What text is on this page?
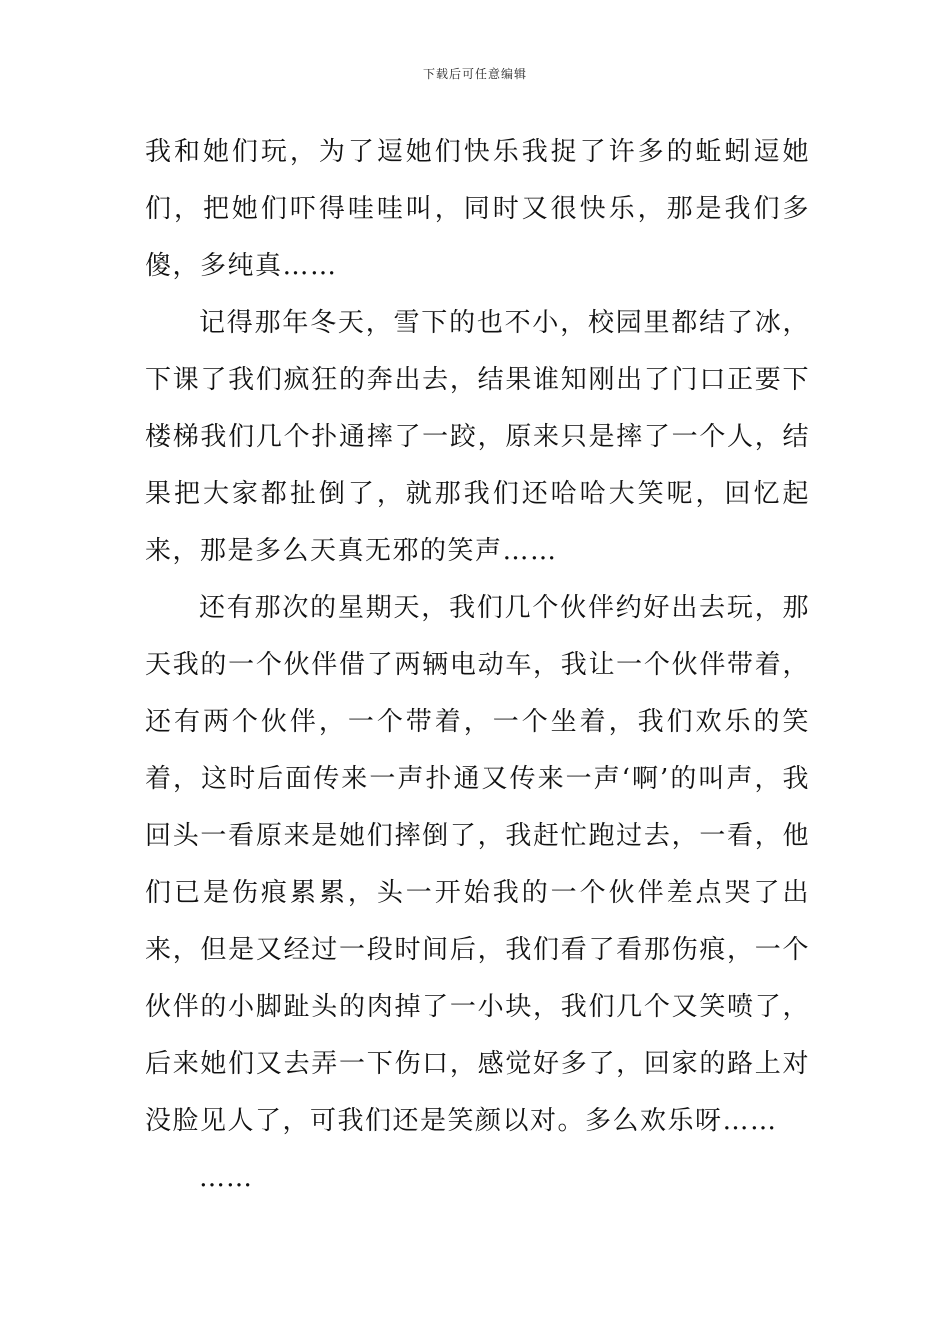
下载后可任意编辑

我和她们玩，为了逗她们快乐我捉了许多的蚯蚓逗她们，把她们吓得哇哇叫，同时又很快乐，那是我们多傻，多纯真……

记得那年冬天，雪下的也不小，校园里都结了冰，下课了我们疯狂的奔出去，结果谁知刚出了门口正要下楼梯我们几个扑通摔了一跤，原来只是摔了一个人，结果把大家都扯倒了，就那我们还哈哈大笑呢，回忆起来，那是多么天真无邪的笑声……

还有那次的星期天，我们几个伙伴约好出去玩，那天我的一个伙伴借了两辆电动车，我让一个伙伴带着，还有两个伙伴，一个带着，一个坐着，我们欢乐的笑着，这时后面传来一声扑通又传来一声‘啊’的叫声，我回头一看原来是她们摔倒了，我赶忙跑过去，一看，他们已是伤痕累累，头一开始我的一个伙伴差点哭了出来，但是又经过一段时间后，我们看了看那伤痕，一个伙伴的小脚趾头的肉掉了一小块，我们几个又笑喷了，后来她们又去弄一下伤口，感觉好多了，回家的路上对没脸见人了，可我们还是笑颜以对。多么欢乐呀……

……
